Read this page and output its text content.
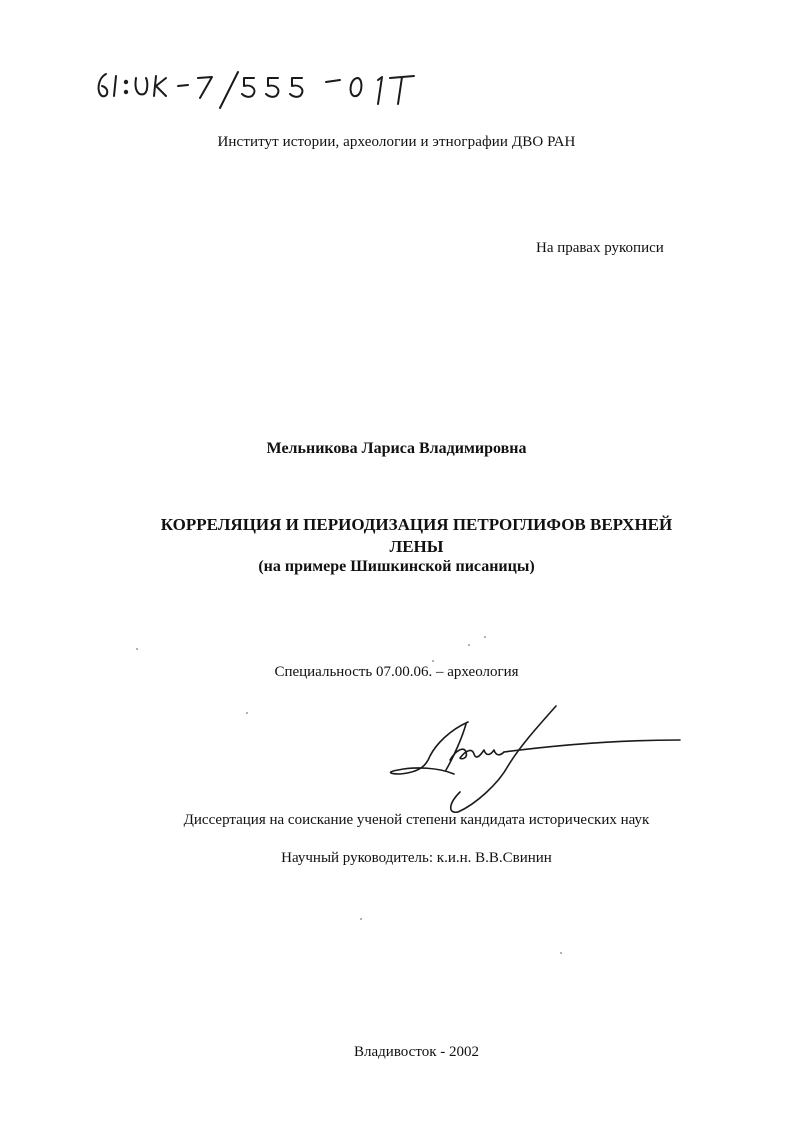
Институт истории, археологии и этнографии ДВО РАН
На правах рукописи
Мельникова Лариса Владимировна
КОРРЕЛЯЦИЯ И ПЕРИОДИЗАЦИЯ ПЕТРОГЛИФОВ ВЕРХНЕЙ
ЛЕНЫ
(на примере Шишкинской писаницы)
Специальность 07.00.06. – археология
Диссертация на соискание ученой степени кандидата исторических наук
Научный руководитель: к.и.н. В.В.Свинин
Владивосток - 2002
